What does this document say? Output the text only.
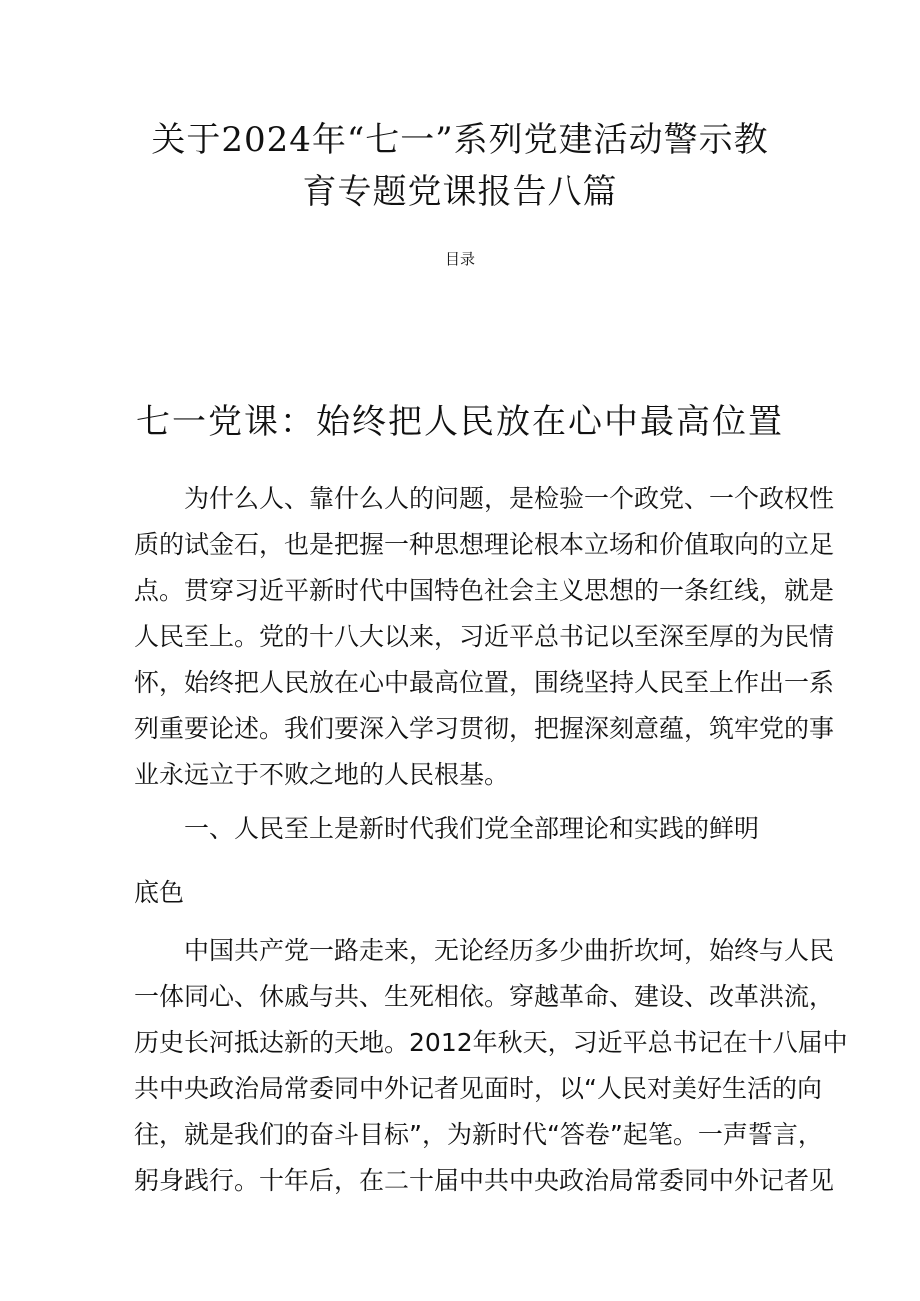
关于2024年“七一”系列党建活动警示教
育专题党课报告八篇
目录
七一党课：始终把人民放在心中最高位置
为什么人、靠什么人的问题，是检验一个政党、一个政权性
质的试金石，也是把握一种思想理论根本立场和价值取向的立足
点。贯穿习近平新时代中国特色社会主义思想的一条红线，就是
人民至上。党的十八大以来，习近平总书记以至深至厚的为民情
怀，始终把人民放在心中最高位置，围绕坚持人民至上作出一系
列重要论述。我们要深入学习贯彻，把握深刻意蕴，筑牢党的事
业永远立于不败之地的人民根基。
一、人民至上是新时代我们党全部理论和实践的鲜明
底色
中国共产党一路走来，无论经历多少曲折坎坷，始终与人民
一体同心、休戚与共、生死相依。穿越革命、建设、改革洪流，
历史长河抵达新的天地。2012年秋天，习近平总书记在十八届中
共中央政治局常委同中外记者见面时，以“人民对美好生活的向
往，就是我们的奋斗目标”，为新时代“答卷”起笔。一声誓言，
躬身践行。十年后，在二十届中共中央政治局常委同中外记者见
